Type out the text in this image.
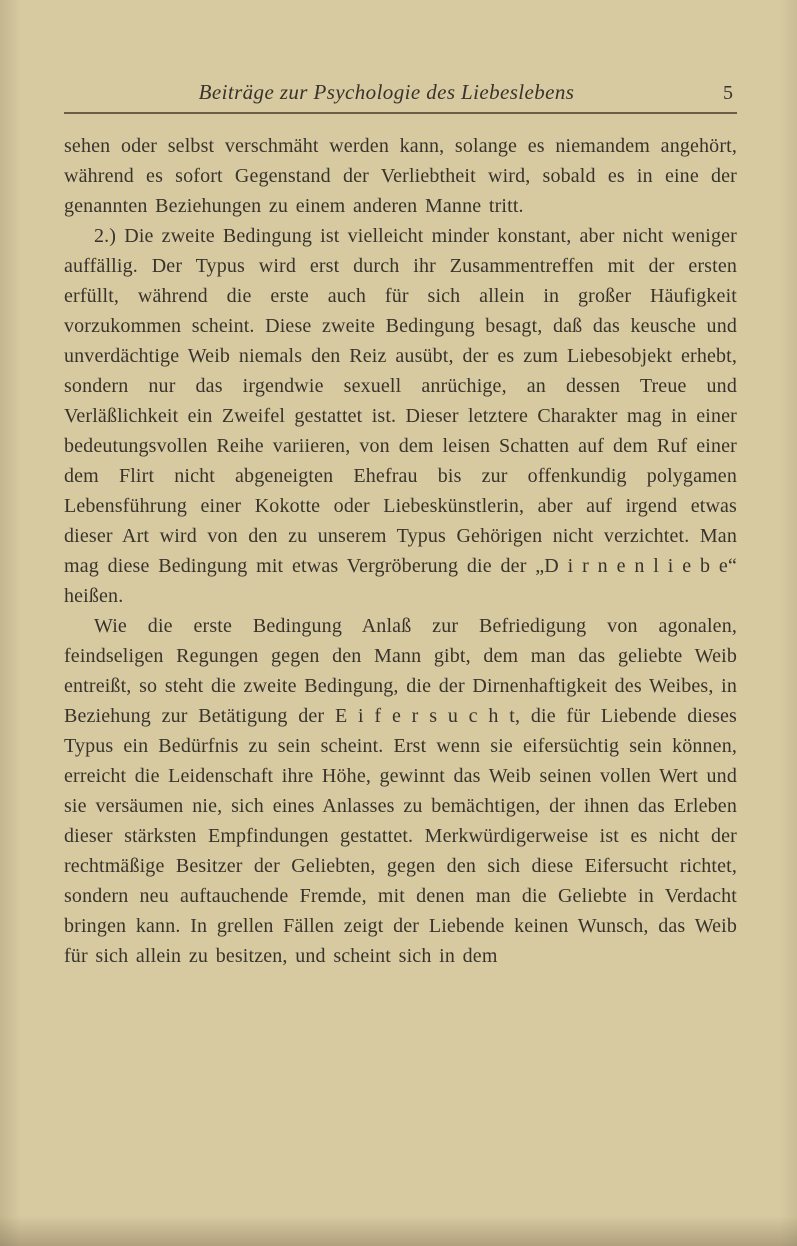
Beiträge zur Psychologie des Liebeslebens	5

sehen oder selbst verschmäht werden kann, solange es niemandem angehört, während es sofort Gegenstand der Verliebtheit wird, sobald es in eine der genannten Beziehungen zu einem anderen Manne tritt.

2.) Die zweite Bedingung ist vielleicht minder konstant, aber nicht weniger auffällig. Der Typus wird erst durch ihr Zusammentreffen mit der ersten erfüllt, während die erste auch für sich allein in großer Häufigkeit vorzukommen scheint. Diese zweite Bedingung besagt, daß das keusche und unverdächtige Weib niemals den Reiz ausübt, der es zum Liebesobjekt erhebt, sondern nur das irgendwie sexuell anrüchige, an dessen Treue und Verläßlichkeit ein Zweifel gestattet ist. Dieser letztere Charakter mag in einer bedeutungsvollen Reihe variieren, von dem leisen Schatten auf dem Ruf einer dem Flirt nicht abgeneigten Ehefrau bis zur offenkundig polygamen Lebensführung einer Kokotte oder Liebeskünstlerin, aber auf irgend etwas dieser Art wird von den zu unserem Typus Gehörigen nicht verzichtet. Man mag diese Bedingung mit etwas Vergröberung die der „D i r n e n l i e b e“ heißen.

Wie die erste Bedingung Anlaß zur Befriedigung von agonalen, feindseligen Regungen gegen den Mann gibt, dem man das geliebte Weib entreißt, so steht die zweite Bedingung, die der Dirnenhaftigkeit des Weibes, in Beziehung zur Betätigung der E i f e r s u c h t, die für Liebende dieses Typus ein Bedürfnis zu sein scheint. Erst wenn sie eifersüchtig sein können, erreicht die Leidenschaft ihre Höhe, gewinnt das Weib seinen vollen Wert und sie versäumen nie, sich eines Anlasses zu bemächtigen, der ihnen das Erleben dieser stärksten Empfindungen gestattet. Merkwürdigerweise ist es nicht der rechtmäßige Besitzer der Geliebten, gegen den sich diese Eifersucht richtet, sondern neu auftauchende Fremde, mit denen man die Geliebte in Verdacht bringen kann. In grellen Fällen zeigt der Liebende keinen Wunsch, das Weib für sich allein zu besitzen, und scheint sich in dem
